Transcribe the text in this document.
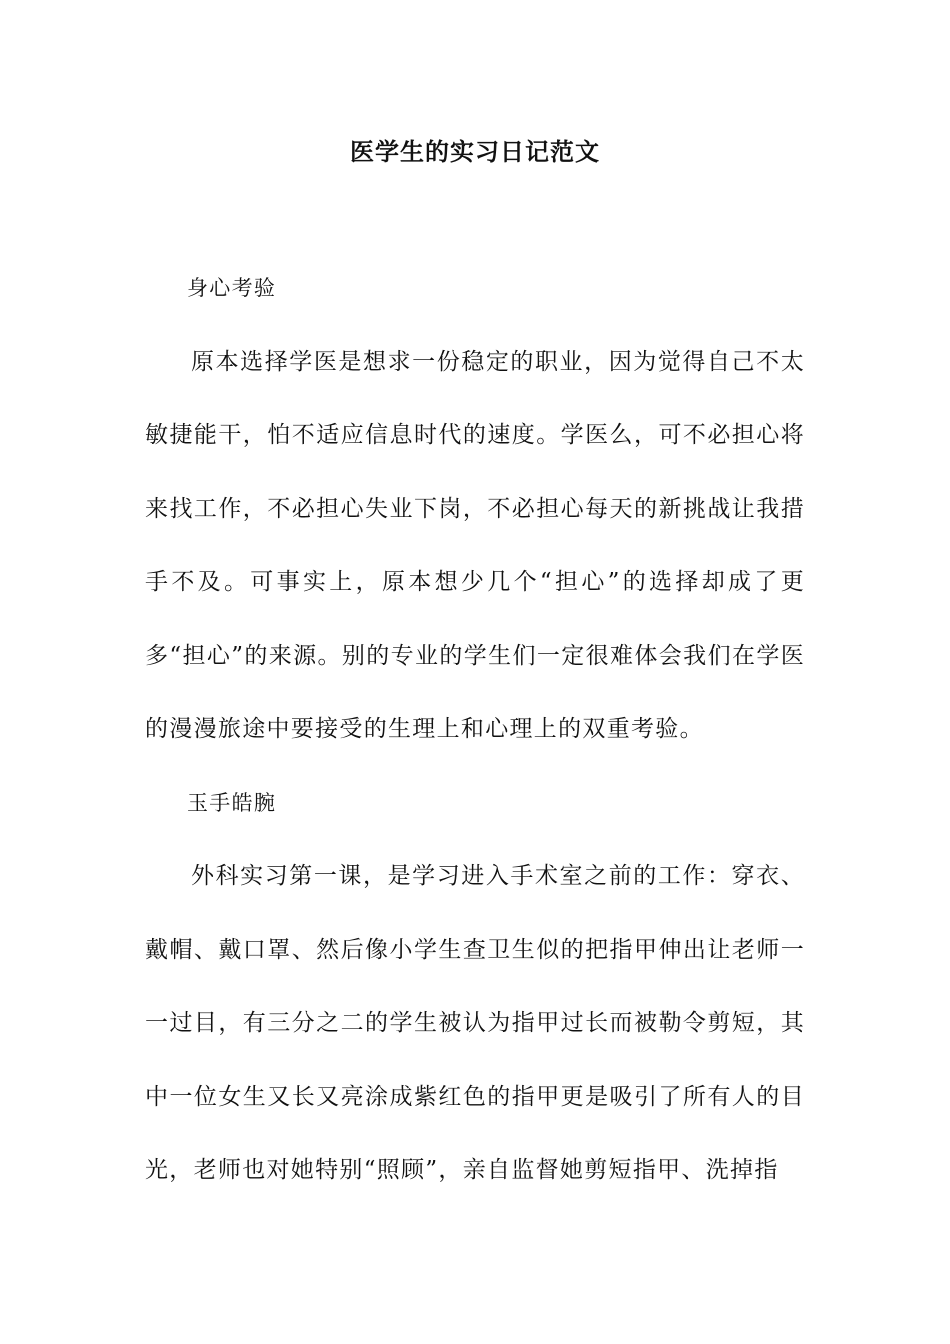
医学生的实习日记范文

身心考验

原本选择学医是想求一份稳定的职业，因为觉得自己不太敏捷能干，怕不适应信息时代的速度。学医么，可不必担心将来找工作，不必担心失业下岗，不必担心每天的新挑战让我措手不及。可事实上，原本想少几个“担心”的选择却成了更多“担心”的来源。别的专业的学生们一定很难体会我们在学医的漫漫旅途中要接受的生理上和心理上的双重考验。

玉手皓腕

外科实习第一课，是学习进入手术室之前的工作：穿衣、戴帽、戴口罩、然后像小学生查卫生似的把指甲伸出让老师一一过目，有三分之二的学生被认为指甲过长而被勒令剪短，其中一位女生又长又亮涂成紫红色的指甲更是吸引了所有人的目光，老师也对她特别“照顾”，亲自监督她剪短指甲、洗掉指
